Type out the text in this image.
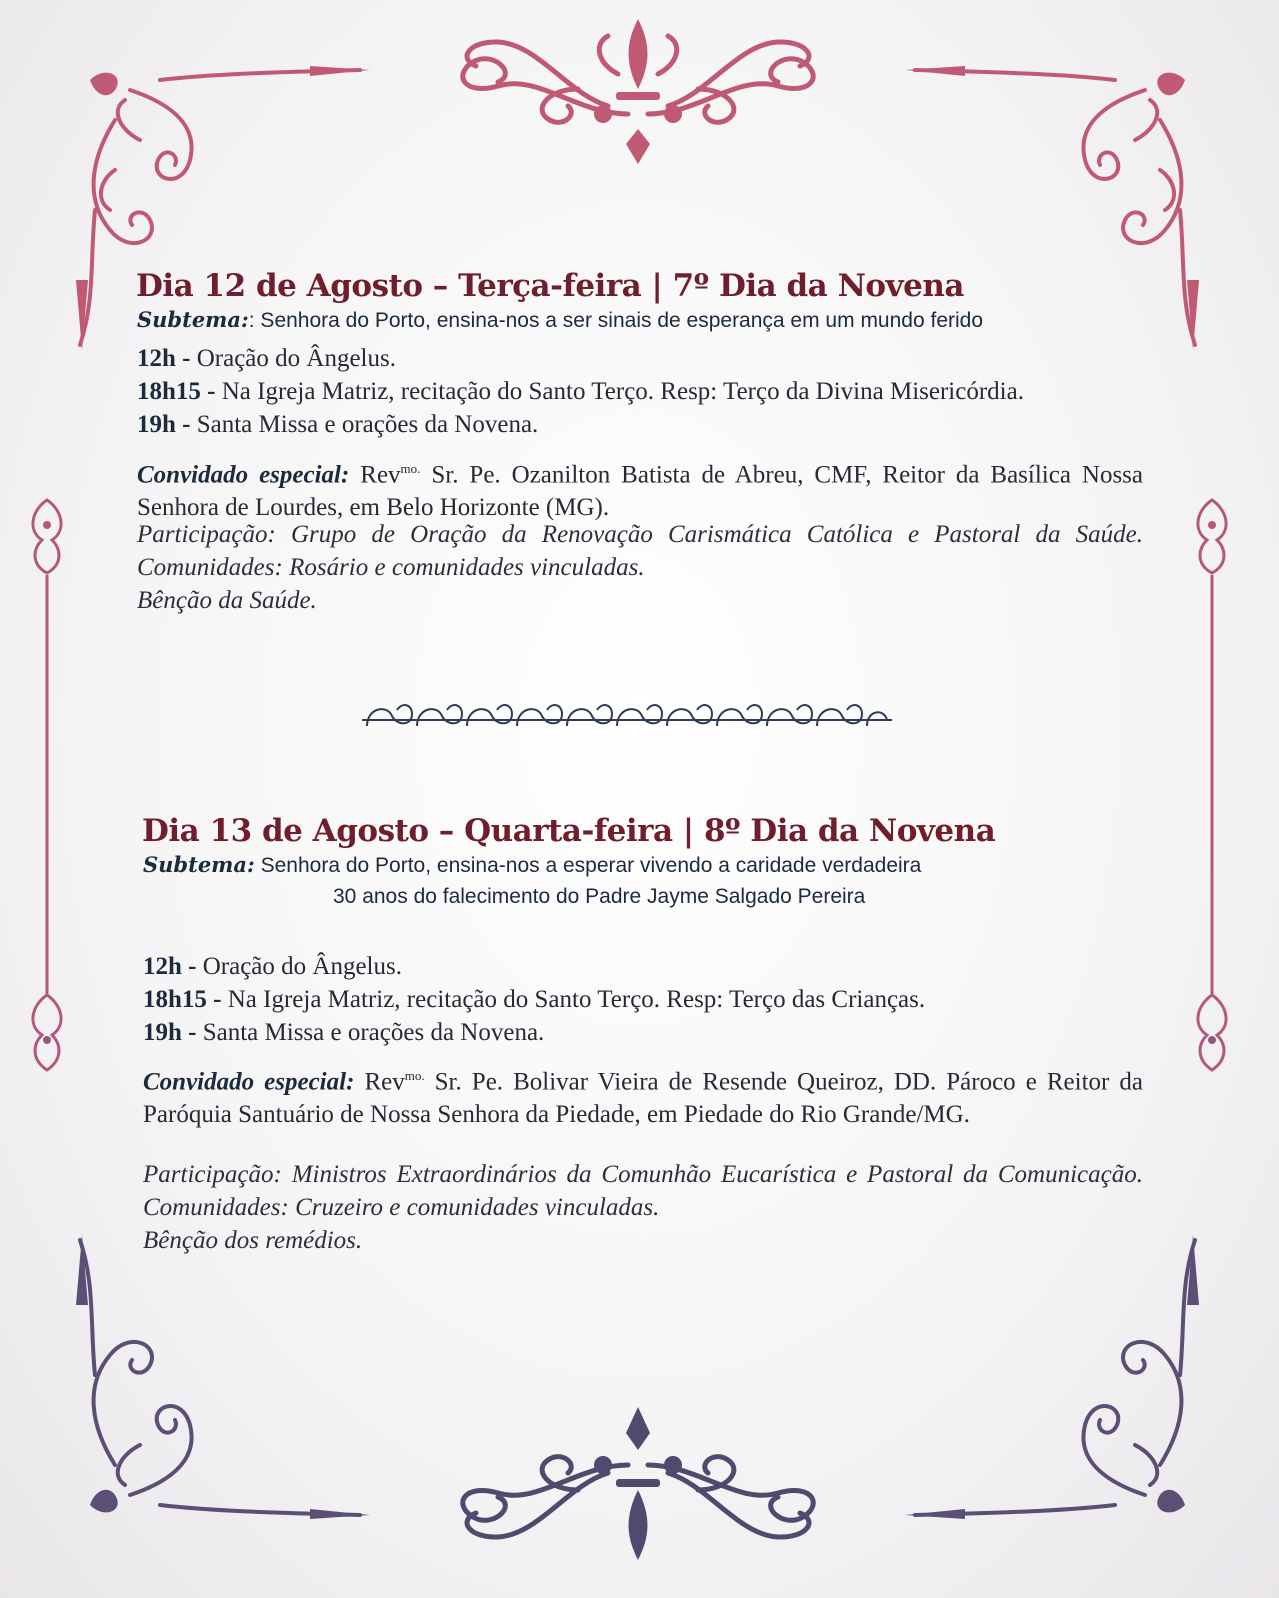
Dia 12 de Agosto – Terça-feira | 7º Dia da Novena
Subtema:: Senhora do Porto, ensina-nos a ser sinais de esperança em um mundo ferido
12h - Oração do Ângelus.
18h15 - Na Igreja Matriz, recitação do Santo Terço. Resp: Terço da Divina Misericórdia.
19h - Santa Missa e orações da Novena.
Convidado especial: Rev$^{mo.}$ Sr. Pe. Ozanilton Batista de Abreu, CMF, Reitor da Basílica Nossa Senhora de Lourdes, em Belo Horizonte (MG).
Participação: Grupo de Oração da Renovação Carismática Católica e Pastoral da Saúde. Comunidades: Rosário e comunidades vinculadas.
Bênção da Saúde.
Dia 13 de Agosto – Quarta-feira | 8º Dia da Novena
Subtema: Senhora do Porto, ensina-nos a esperar vivendo a caridade verdadeira
30 anos do falecimento do Padre Jayme Salgado Pereira
12h - Oração do Ângelus.
18h15 - Na Igreja Matriz, recitação do Santo Terço. Resp: Terço das Crianças.
19h - Santa Missa e orações da Novena.
Convidado especial: Rev$^{mo.}$ Sr. Pe. Bolivar Vieira de Resende Queiroz, DD. Pároco e Reitor da Paróquia Santuário de Nossa Senhora da Piedade, em Piedade do Rio Grande/MG.
Participação: Ministros Extraordinários da Comunhão Eucarística e Pastoral da Comunicação. Comunidades: Cruzeiro e comunidades vinculadas.
Bênção dos remédios.
